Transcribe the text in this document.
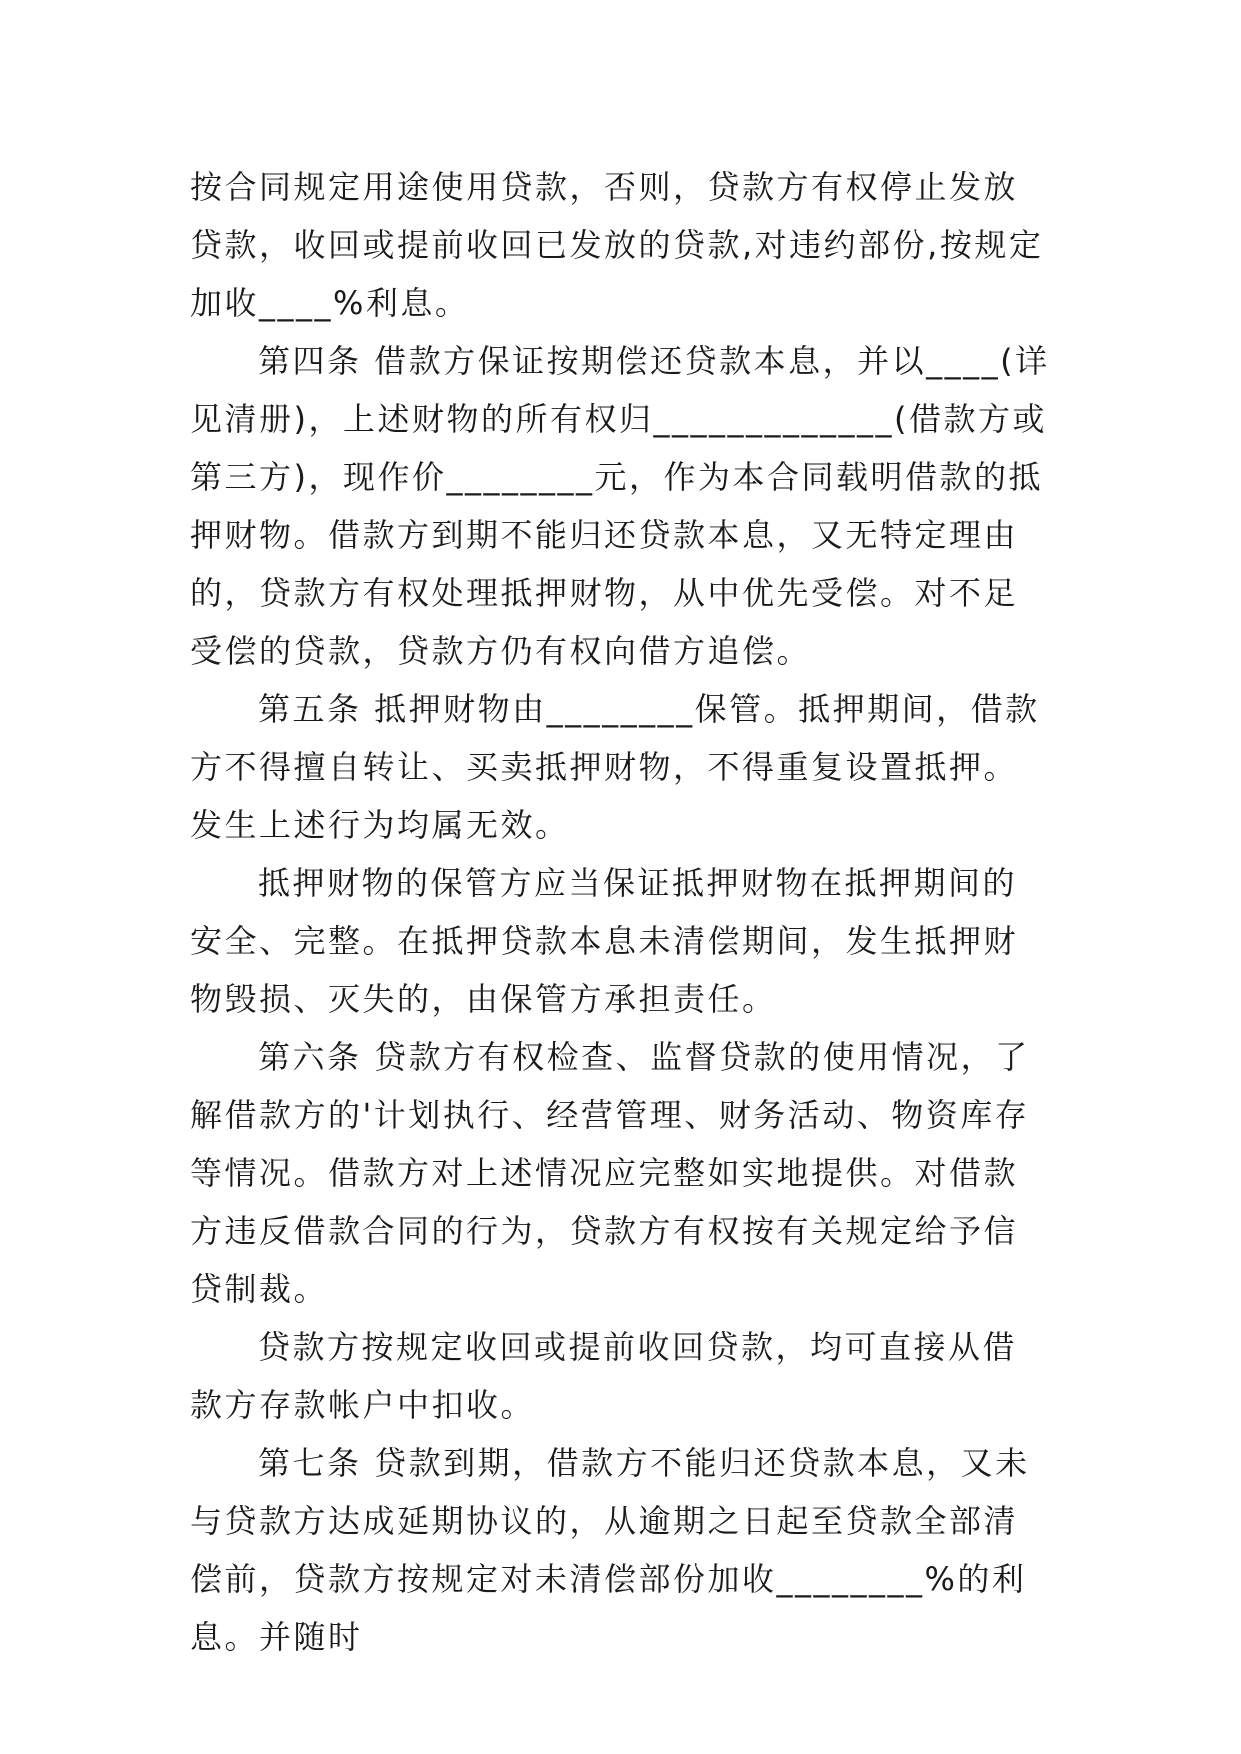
按合同规定用途使用贷款，否则，贷款方有权停止发放贷款，收回或提前收回已发放的贷款,对违约部份,按规定加收____%利息。

第四条 借款方保证按期偿还贷款本息，并以____(详见清册)，上述财物的所有权归_____________(借款方或第三方)，现作价________元，作为本合同载明借款的抵押财物。借款方到期不能归还贷款本息，又无特定理由的，贷款方有权处理抵押财物，从中优先受偿。对不足受偿的贷款，贷款方仍有权向借方追偿。

第五条 抵押财物由________保管。抵押期间，借款方不得擅自转让、买卖抵押财物，不得重复设置抵押。发生上述行为均属无效。

抵押财物的保管方应当保证抵押财物在抵押期间的安全、完整。在抵押贷款本息未清偿期间，发生抵押财物毁损、灭失的，由保管方承担责任。

第六条 贷款方有权检查、监督贷款的使用情况，了解借款方的'计划执行、经营管理、财务活动、物资库存等情况。借款方对上述情况应完整如实地提供。对借款方违反借款合同的行为，贷款方有权按有关规定给予信贷制裁。

贷款方按规定收回或提前收回贷款，均可直接从借款方存款帐户中扣收。

第七条 贷款到期，借款方不能归还贷款本息，又未与贷款方达成延期协议的，从逾期之日起至贷款全部清偿前，贷款方按规定对未清偿部份加收________%的利息。并随时
